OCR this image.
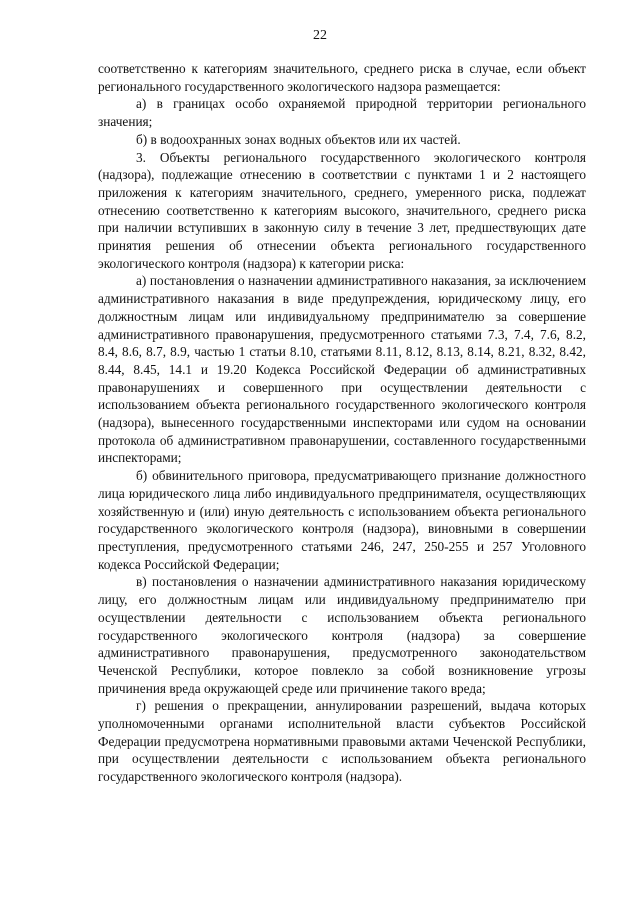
22

соответственно к категориям значительного, среднего риска в случае, если объект регионального государственного экологического надзора размещается:

а) в границах особо охраняемой природной территории регионального значения;

б) в водоохранных зонах водных объектов или их частей.

3. Объекты регионального государственного экологического контроля (надзора), подлежащие отнесению в соответствии с пунктами 1 и 2 настоящего приложения к категориям значительного, среднего, умеренного риска, подлежат отнесению соответственно к категориям высокого, значительного, среднего риска при наличии вступивших в законную силу в течение 3 лет, предшествующих дате принятия решения об отнесении объекта регионального государственного экологического контроля (надзора) к категории риска:

а) постановления о назначении административного наказания, за исключением административного наказания в виде предупреждения, юридическому лицу, его должностным лицам или индивидуальному предпринимателю за совершение административного правонарушения, предусмотренного статьями 7.3, 7.4, 7.6, 8.2, 8.4, 8.6, 8.7, 8.9, частью 1 статьи 8.10, статьями 8.11, 8.12, 8.13, 8.14, 8.21, 8.32, 8.42, 8.44, 8.45, 14.1 и 19.20 Кодекса Российской Федерации об административных правонарушениях и совершенного при осуществлении деятельности с использованием объекта регионального государственного экологического контроля (надзора), вынесенного государственными инспекторами или судом на основании протокола об административном правонарушении, составленного государственными инспекторами;

б) обвинительного приговора, предусматривающего признание должностного лица юридического лица либо индивидуального предпринимателя, осуществляющих хозяйственную и (или) иную деятельность с использованием объекта регионального государственного экологического контроля (надзора), виновными в совершении преступления, предусмотренного статьями 246, 247, 250-255 и 257 Уголовного кодекса Российской Федерации;

в) постановления о назначении административного наказания юридическому лицу, его должностным лицам или индивидуальному предпринимателю при осуществлении деятельности с использованием объекта регионального государственного экологического контроля (надзора) за совершение административного правонарушения, предусмотренного законодательством Чеченской Республики, которое повлекло за собой возникновение угрозы причинения вреда окружающей среде или причинение такого вреда;

г) решения о прекращении, аннулировании разрешений, выдача которых уполномоченными органами исполнительной власти субъектов Российской Федерации предусмотрена нормативными правовыми актами Чеченской Республики, при осуществлении деятельности с использованием объекта регионального государственного экологического контроля (надзора).
